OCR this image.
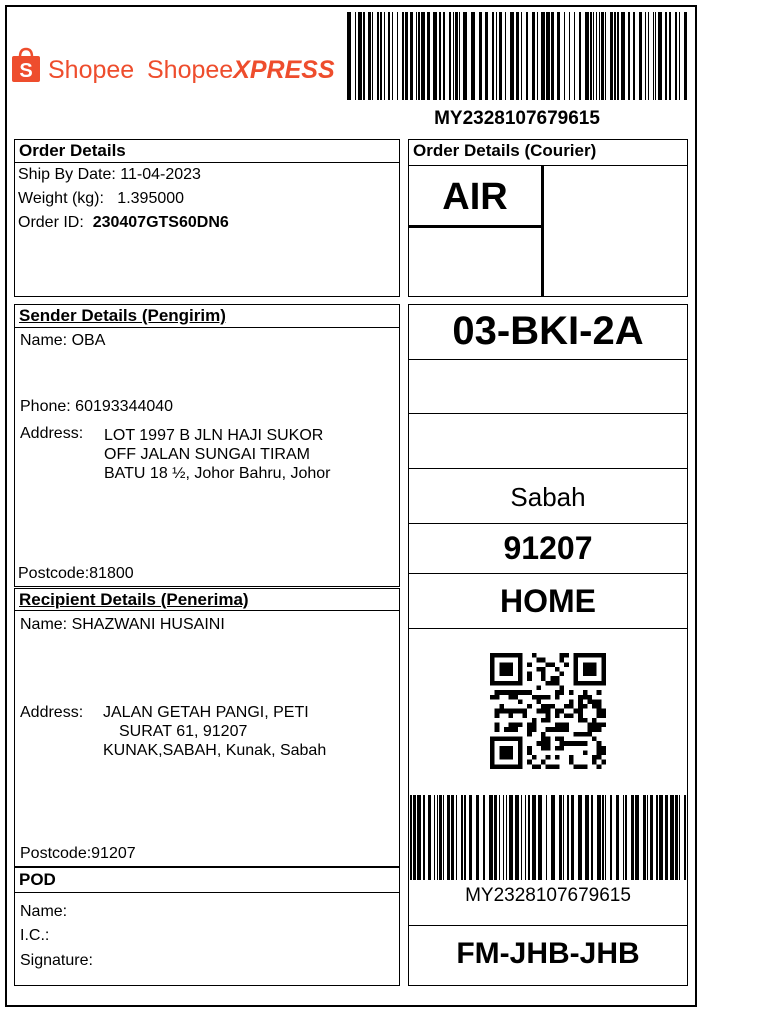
S Shopee ShopeeXPRESS
MY2328107679615
Order Details
Ship By Date: 11-04-2023
Weight (kg): 1.395000
Order ID: 230407GTS60DN6
Order Details (Courier)
AIR
Sender Details (Pengirim)
Name: OBA
Phone: 60193344040
Address: LOT 1997 B JLN HAJI SUKOR
OFF JALAN SUNGAI TIRAM
BATU 18 ½, Johor Bahru, Johor
Postcode:81800
Recipient Details (Penerima)
Name: SHAZWANI HUSAINI
Address: JALAN GETAH PANGI, PETI
SURAT 61, 91207
KUNAK,SABAH, Kunak, Sabah
Postcode:91207
POD
Name:
I.C.:
Signature:
03-BKI-2A
Sabah
91207
HOME
MY2328107679615
FM-JHB-JHB
